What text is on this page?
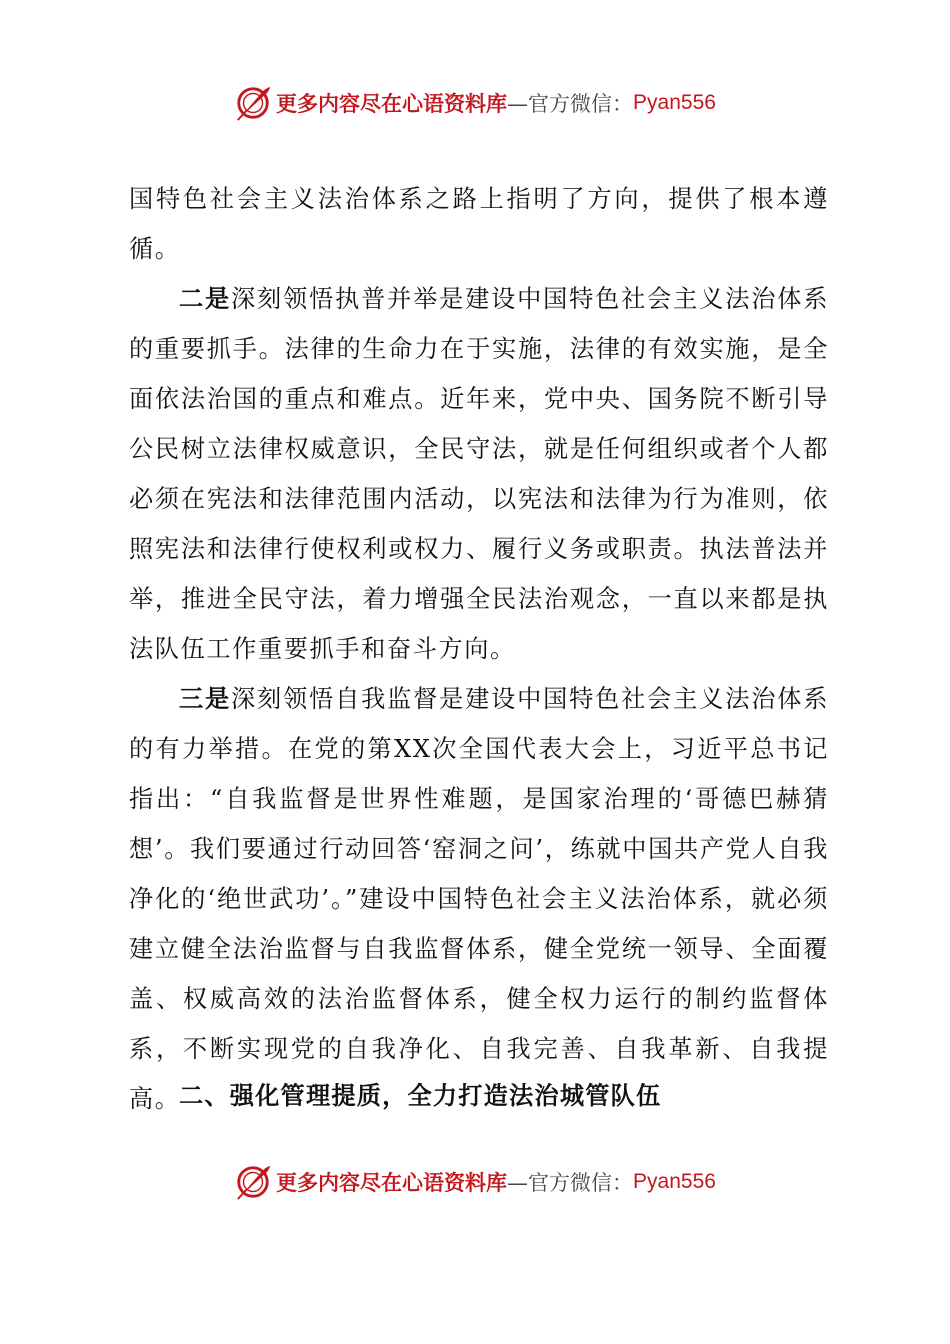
更多内容尽在心语资料库 —官方微信： Pyan556

国特色社会主义法治体系之路上指明了方向，提供了根本遵循。

二是深刻领悟执普并举是建设中国特色社会主义法治体系的重要抓手。法律的生命力在于实施，法律的有效实施，是全面依法治国的重点和难点。近年来，党中央、国务院不断引导公民树立法律权威意识，全民守法，就是任何组织或者个人都必须在宪法和法律范围内活动，以宪法和法律为行为准则，依照宪法和法律行使权利或权力、履行义务或职责。执法普法并举，推进全民守法，着力增强全民法治观念，一直以来都是执法队伍工作重要抓手和奋斗方向。

三是深刻领悟自我监督是建设中国特色社会主义法治体系的有力举措。在党的第XX次全国代表大会上，习近平总书记指出：“自我监督是世界性难题，是国家治理的‘哥德巴赫猜想’。我们要通过行动回答‘窑洞之问’，练就中国共产党人自我净化的‘绝世武功’。”建设中国特色社会主义法治体系，就必须建立健全法治监督与自我监督体系，健全党统一领导、全面覆盖、权威高效的法治监督体系，健全权力运行的制约监督体系，不断实现党的自我净化、自我完善、自我革新、自我提高。

二、强化管理提质，全力打造法治城管队伍
更多内容尽在心语资料库 —官方微信： Pyan556
